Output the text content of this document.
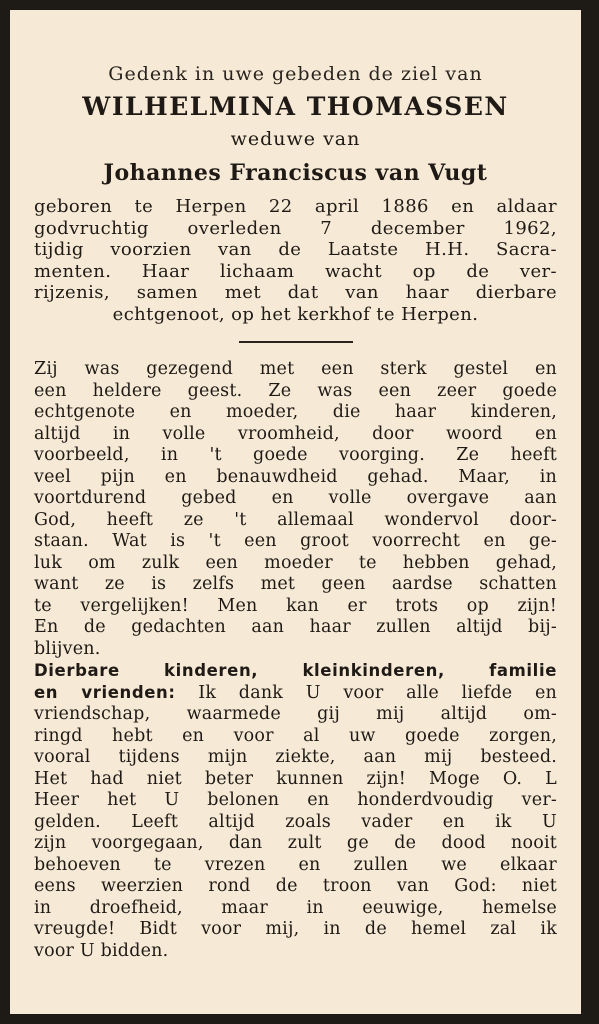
Gedenk in uwe gebeden de ziel van

WILHELMINA THOMASSEN

weduwe van

Johannes Franciscus van Vugt

geboren te Herpen 22 april 1886 en aldaar
godvruchtig overleden 7 december 1962,
tijdig voorzien van de Laatste H.H. Sacra-
menten. Haar lichaam wacht op de ver-
rijzenis, samen met dat van haar dierbare
echtgenoot, op het kerkhof te Herpen.
Zij was gezegend met een sterk gestel en
een heldere geest. Ze was een zeer goede
echtgenote en moeder, die haar kinderen,
altijd in volle vroomheid, door woord en
voorbeeld, in 't goede voorging. Ze heeft
veel pijn en benauwdheid gehad. Maar, in
voortdurend gebed en volle overgave aan
God, heeft ze 't allemaal wondervol door-
staan. Wat is 't een groot voorrecht en ge-
luk om zulk een moeder te hebben gehad,
want ze is zelfs met geen aardse schatten
te vergelijken! Men kan er trots op zijn!
En de gedachten aan haar zullen altijd bij-
blijven.
Dierbare kinderen, kleinkinderen, familie
en vrienden: Ik dank U voor alle liefde en
vriendschap, waarmede gij mij altijd om-
ringd hebt en voor al uw goede zorgen,
vooral tijdens mijn ziekte, aan mij besteed.
Het had niet beter kunnen zijn! Moge O. L
Heer het U belonen en honderdvoudig ver-
gelden. Leeft altijd zoals vader en ik U
zijn voorgegaan, dan zult ge de dood nooit
behoeven te vrezen en zullen we elkaar
eens weerzien rond de troon van God: niet
in droefheid, maar in eeuwige, hemelse
vreugde! Bidt voor mij, in de hemel zal ik
voor U bidden.
